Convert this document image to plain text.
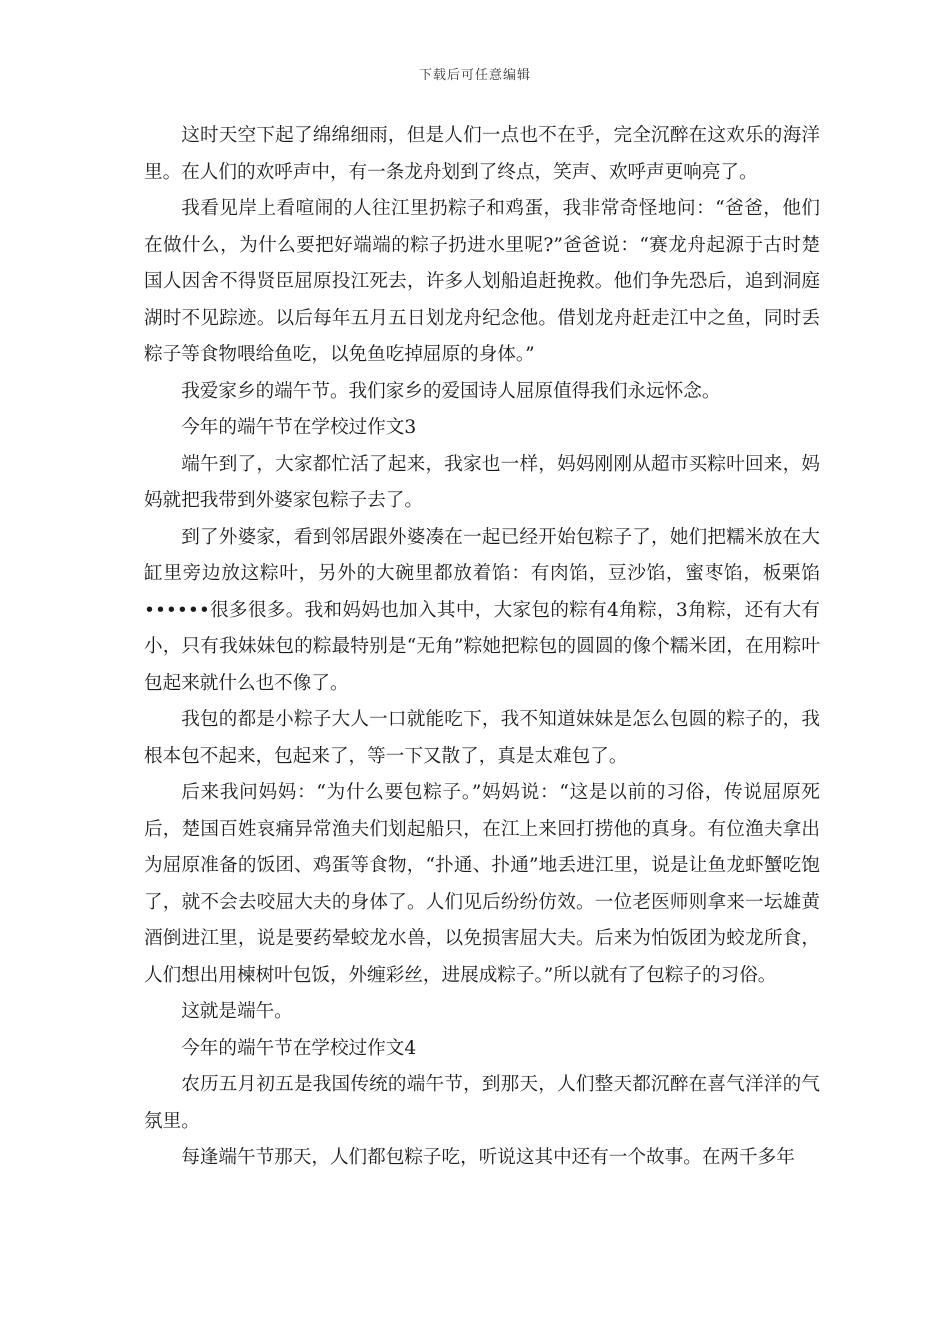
下载后可任意编辑

这时天空下起了绵绵细雨，但是人们一点也不在乎，完全沉醉在这欢乐的海洋里。在人们的欢呼声中，有一条龙舟划到了终点，笑声、欢呼声更响亮了。

我看见岸上看喧闹的人往江里扔粽子和鸡蛋，我非常奇怪地问：“爸爸，他们在做什么，为什么要把好端端的粽子扔进水里呢?”爸爸说：“赛龙舟起源于古时楚国人因舍不得贤臣屈原投江死去，许多人划船追赶挽救。他们争先恐后，追到洞庭湖时不见踪迹。以后每年五月五日划龙舟纪念他。借划龙舟赶走江中之鱼，同时丢粽子等食物喂给鱼吃，以免鱼吃掉屈原的身体。”

我爱家乡的端午节。我们家乡的爱国诗人屈原值得我们永远怀念。

今年的端午节在学校过作文3

端午到了，大家都忙活了起来，我家也一样，妈妈刚刚从超市买粽叶回来，妈妈就把我带到外婆家包粽子去了。

到了外婆家，看到邻居跟外婆凑在一起已经开始包粽子了，她们把糯米放在大缸里旁边放这粽叶，另外的大碗里都放着馅：有肉馅，豆沙馅，蜜枣馅，板栗馅••••••很多很多。我和妈妈也加入其中，大家包的粽有4角粽，3角粽，还有大有小，只有我妹妹包的粽最特别是“无角”粽她把粽包的圆圆的像个糯米团，在用粽叶包起来就什么也不像了。

我包的都是小粽子大人一口就能吃下，我不知道妹妹是怎么包圆的粽子的，我根本包不起来，包起来了，等一下又散了，真是太难包了。

后来我问妈妈：“为什么要包粽子。”妈妈说：“这是以前的习俗，传说屈原死后，楚国百姓哀痛异常渔夫们划起船只，在江上来回打捞他的真身。有位渔夫拿出为屈原准备的饭团、鸡蛋等食物，“扑通、扑通”地丢进江里，说是让鱼龙虾蟹吃饱了，就不会去咬屈大夫的身体了。人们见后纷纷仿效。一位老医师则拿来一坛雄黄酒倒进江里，说是要药晕蛟龙水兽，以免损害屈大夫。后来为怕饭团为蛟龙所食，人们想出用楝树叶包饭，外缠彩丝，进展成粽子。”所以就有了包粽子的习俗。

这就是端午。

今年的端午节在学校过作文4

农历五月初五是我国传统的端午节，到那天，人们整天都沉醉在喜气洋洋的气氛里。

每逢端午节那天，人们都包粽子吃，听说这其中还有一个故事。在两千多年
